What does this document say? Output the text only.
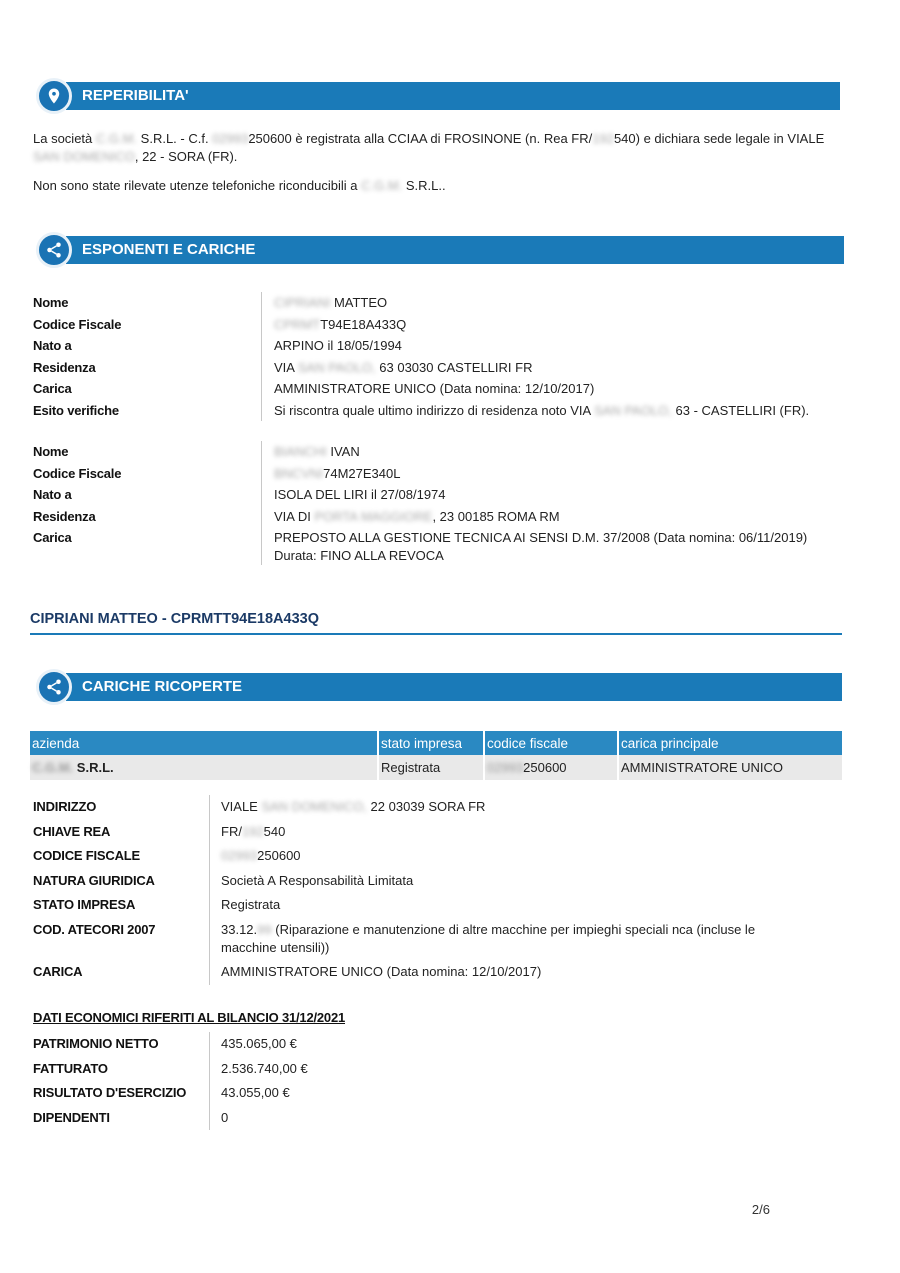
REPERIBILITA'
La società C.G.M. S.R.L. - C.f. 02993250600 è registrata alla CCIAA di FROSINONE (n. Rea FR/192540) e dichiara sede legale in VIALE SAN DOMENICO, 22 - SORA (FR).
Non sono state rilevate utenze telefoniche riconducibili a C.G.M. S.R.L..
ESPONENTI E CARICHE
Nome	CIPRIANI MATTEO
Codice Fiscale	CPRMTT94E18A433Q
Nato a	ARPINO il 18/05/1994
Residenza	VIA SAN PAOLO, 63 03030 CASTELLIRI FR
Carica	AMMINISTRATORE UNICO (Data nomina: 12/10/2017)
Esito verifiche	Si riscontra quale ultimo indirizzo di residenza noto VIA SAN PAOLO, 63 - CASTELLIRI (FR).
Nome	BIANCHI IVAN
Codice Fiscale	BNCVNI74M27E340L
Nato a	ISOLA DEL LIRI il 27/08/1974
Residenza	VIA DI PORTA MAGGIORE, 23 00185 ROMA RM
Carica	PREPOSTO ALLA GESTIONE TECNICA AI SENSI D.M. 37/2008 (Data nomina: 06/11/2019)
Durata: FINO ALLA REVOCA
CIPRIANI MATTEO - CPRMTT94E18A433Q
CARICHE RICOPERTE
azienda	stato impresa	codice fiscale	carica principale
C.G.M. S.R.L.	Registrata	02993250600	AMMINISTRATORE UNICO
INDIRIZZO	VIALE SAN DOMENICO, 22 03039 SORA FR
CHIAVE REA	FR/192540
CODICE FISCALE	02993250600
NATURA GIURIDICA	Società A Responsabilità Limitata
STATO IMPRESA	Registrata
COD. ATECORI 2007	33.12.99 (Riparazione e manutenzione di altre macchine per impieghi speciali nca (incluse le macchine utensili))
CARICA	AMMINISTRATORE UNICO (Data nomina: 12/10/2017)
DATI ECONOMICI RIFERITI AL BILANCIO 31/12/2021
PATRIMONIO NETTO	435.065,00 €
FATTURATO	2.536.740,00 €
RISULTATO D'ESERCIZIO	43.055,00 €
DIPENDENTI	0
2/6
